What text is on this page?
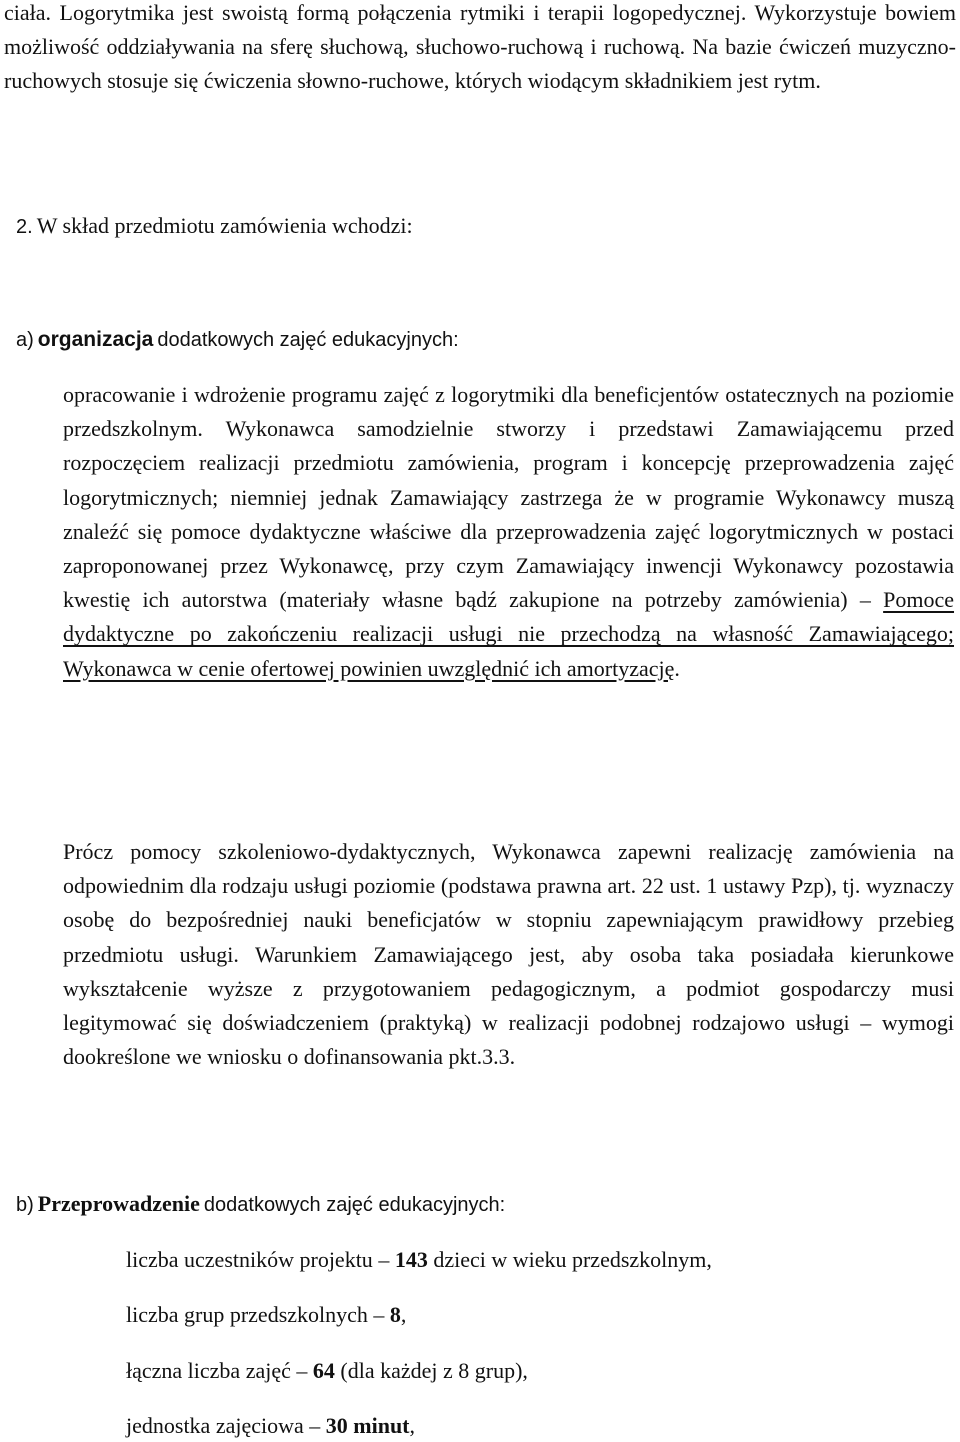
ciała. Logorytmika jest swoistą formą połączenia rytmiki i terapii logopedycznej. Wykorzystuje bowiem możliwość oddziaływania na sferę słuchową, słuchowo-ruchową i ruchową. Na bazie ćwiczeń muzyczno-ruchowych stosuje się ćwiczenia słowno-ruchowe, których wiodącym składnikiem jest rytm.

2. W skład przedmiotu zamówienia wchodzi:
a) organizacja dodatkowych zajęć edukacyjnych:

opracowanie i wdrożenie programu zajęć z logorytmiki dla beneficjentów ostatecznych na poziomie przedszkolnym. Wykonawca samodzielnie stworzy i przedstawi Zamawiającemu przed rozpoczęciem realizacji przedmiotu zamówienia, program i koncepcję przeprowadzenia zajęć logorytmicznych; niemniej jednak Zamawiający zastrzega że w programie Wykonawcy muszą znaleźć się pomoce dydaktyczne właściwe dla przeprowadzenia zajęć logorytmicznych w postaci zaproponowanej przez Wykonawcę, przy czym Zamawiający inwencji Wykonawcy pozostawia kwestię ich autorstwa (materiały własne bądź zakupione na potrzeby zamówienia) – Pomoce dydaktyczne po zakończeniu realizacji usługi nie przechodzą na własność Zamawiającego; Wykonawca w cenie ofertowej powinien uwzględnić ich amortyzację.

Prócz pomocy szkoleniowo-dydaktycznych, Wykonawca zapewni realizację zamówienia na odpowiednim dla rodzaju usługi poziomie (podstawa prawna art. 22 ust. 1 ustawy Pzp), tj. wyznaczy osobę do bezpośredniej nauki beneficjatów w stopniu zapewniającym prawidłowy przebieg przedmiotu usługi. Warunkiem Zamawiającego jest, aby osoba taka posiadała kierunkowe wykształcenie wyższe z przygotowaniem pedagogicznym, a podmiot gospodarczy musi legitymować się doświadczeniem (praktyką) w realizacji podobnej rodzajowo usługi – wymogi dookreślone we wniosku o dofinansowania pkt.3.3.

b) Przeprowadzenie dodatkowych zajęć edukacyjnych:
liczba uczestników projektu – 143 dzieci w wieku przedszkolnym,
liczba grup przedszkolnych – 8,
łączna liczba zajęć – 64 (dla każdej z 8 grup),
jednostka zajęciowa – 30 minut,
